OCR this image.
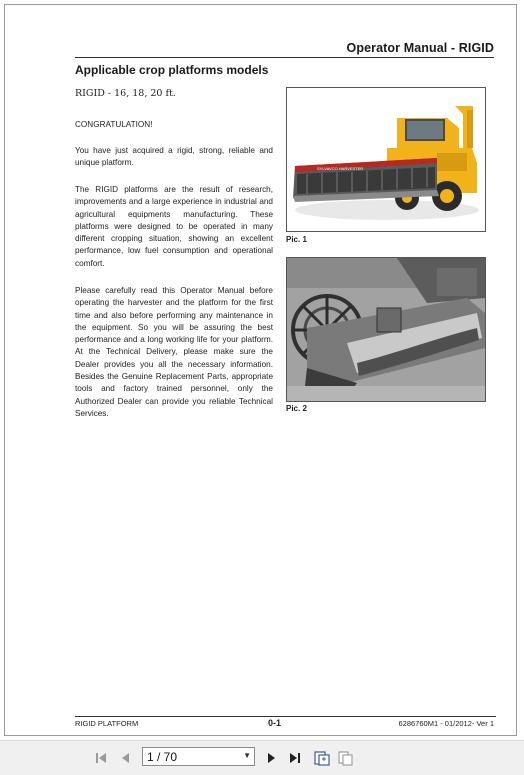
Operator Manual - RIGID
Applicable crop platforms models
RIGID - 16, 18, 20 ft.
CONGRATULATION!
You have just acquired a rigid, strong, reliable and unique platform.
The RIGID platforms are the result of research, improvements and a large experience in industrial and agricultural equipments manufacturing. These platforms were designed to be operated in many different cropping situation, showing an excellent performance, low fuel consumption and operational comfort.
Please carefully read this Operator Manual before operating the harvester and the platform for the first time and also before performing any maintenance in the equipment. So you will be assuring the best performance and a long working life for your platform. At the Technical Delivery, please make sure the Dealer provides you all the necessary information. Besides the Genuine Replacement Parts, appropriate tools and factory trained personnel, only the Authorized Dealer can provide you reliable Technical Services.
SYLVAVCO HARVESTER
Pic. 1
Pic. 2
RIGID PLATFORM	0-1	6286760M1 - 01/2012- Ver 1
1 / 70	▼
